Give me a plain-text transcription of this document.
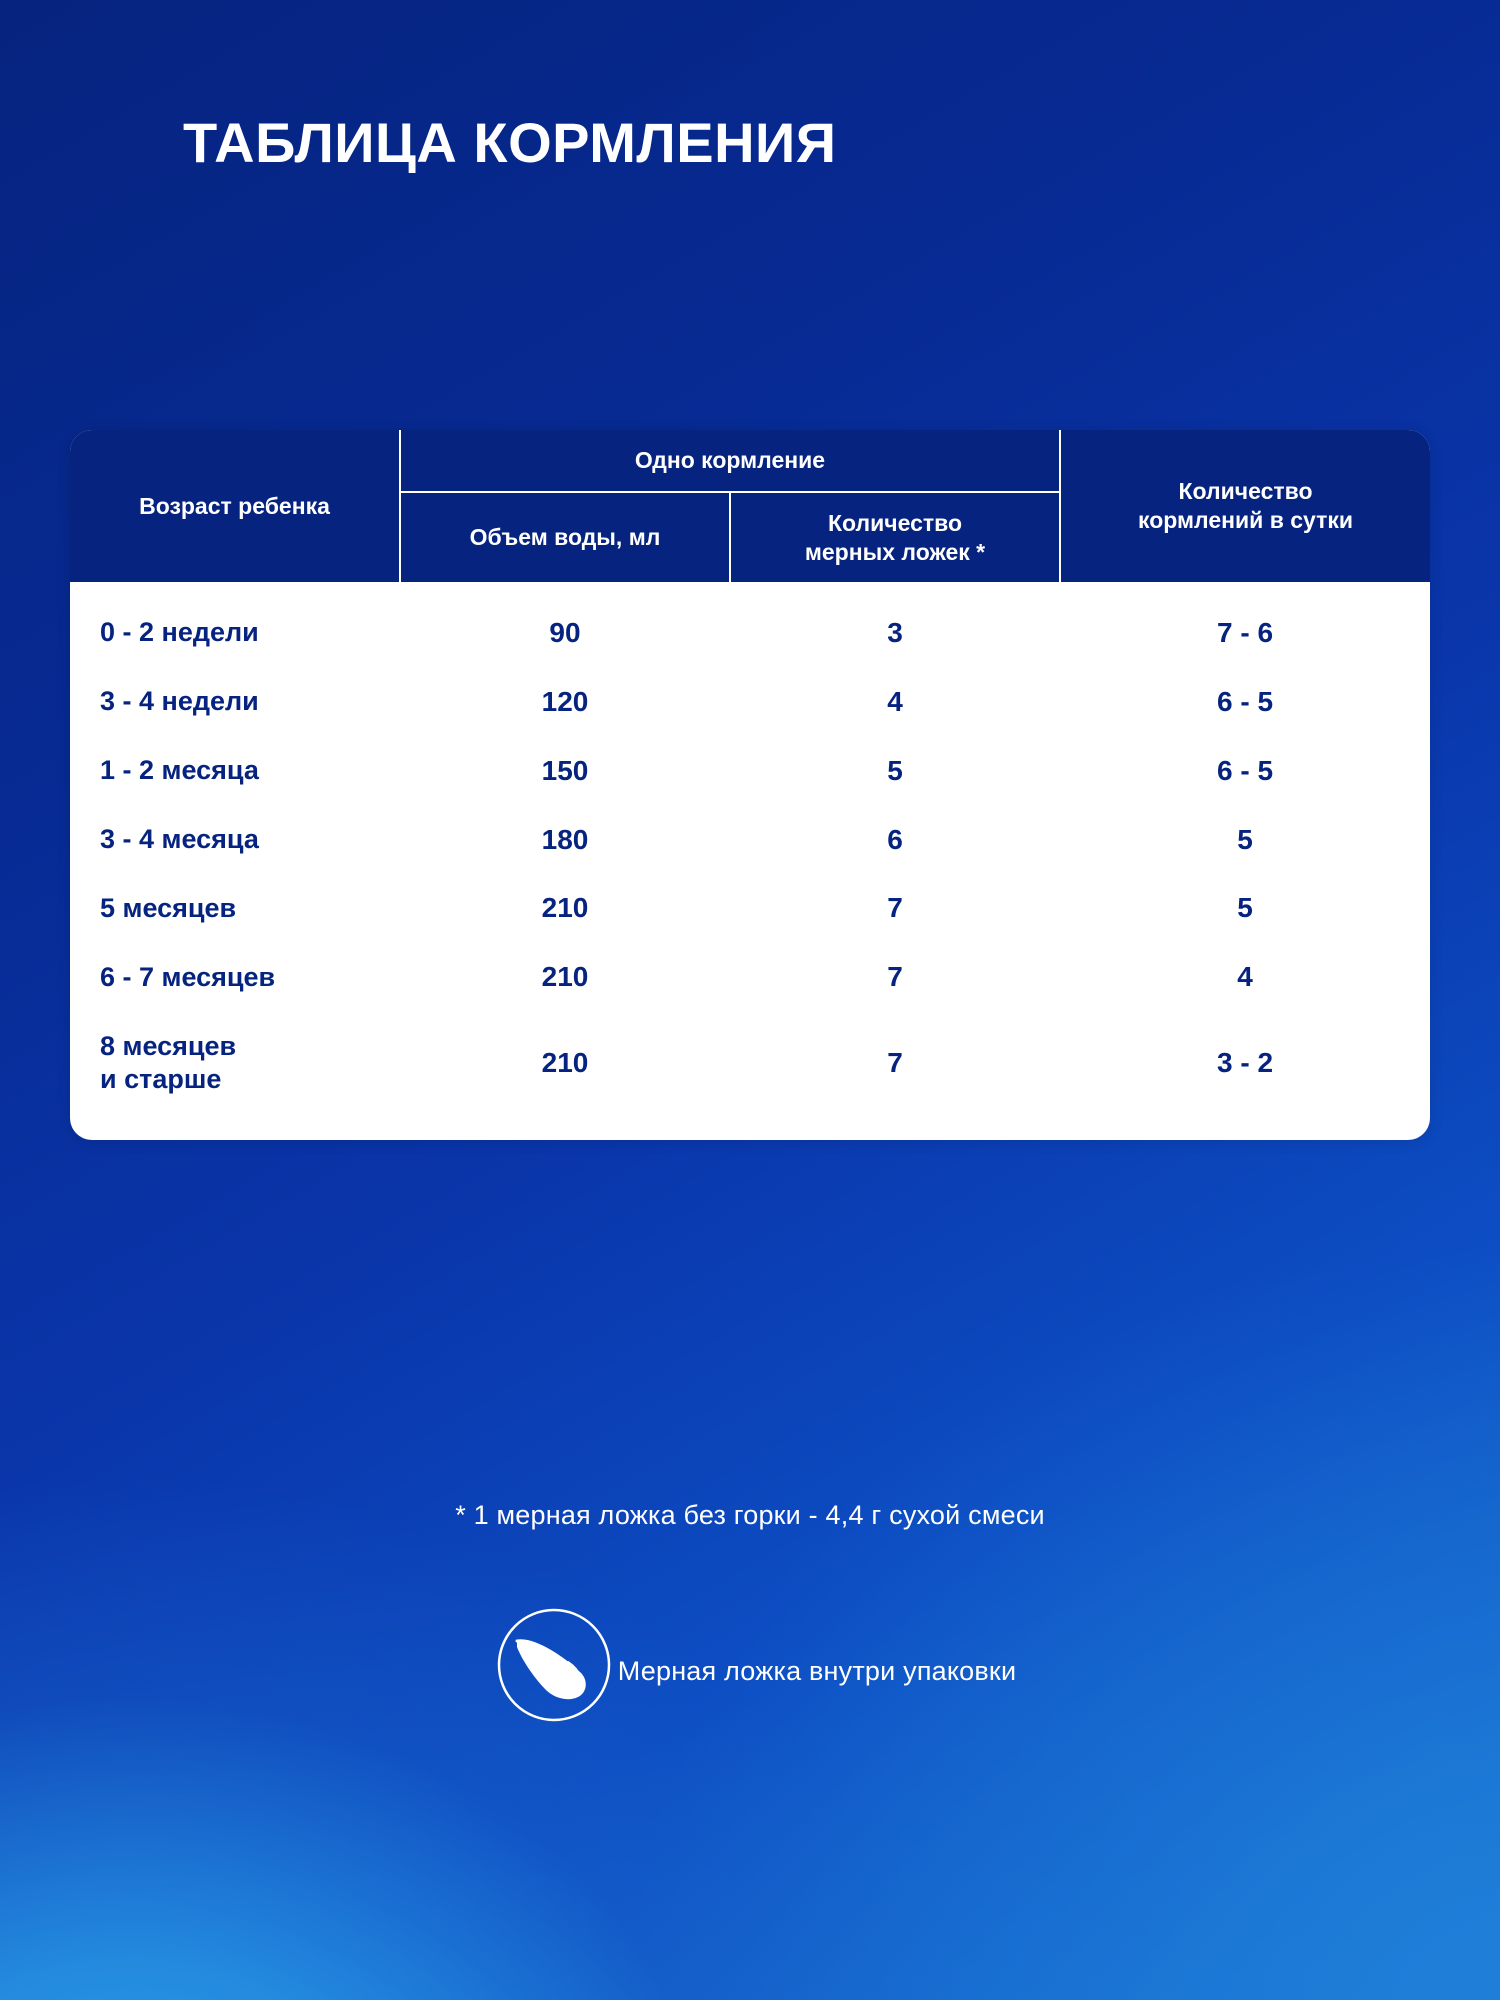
ТАБЛИЦА КОРМЛЕНИЯ
Возраст ребенка	Одно кормление		Количество
кормлений в сутки

	Объем воды, мл	Количество
мерных ложек *	

0 - 2 недели	90	3	7 - 6
3 - 4 недели	120	4	6 - 5
1 - 2 месяца	150	5	6 - 5
3 - 4 месяца	180	6	5
5 месяцев	210	7	5
6 - 7 месяцев	210	7	4

8 месяцев
и старше	210	7	3 - 2
* 1 мерная ложка без горки - 4,4 г сухой смеси
Мерная ложка внутри упаковки
